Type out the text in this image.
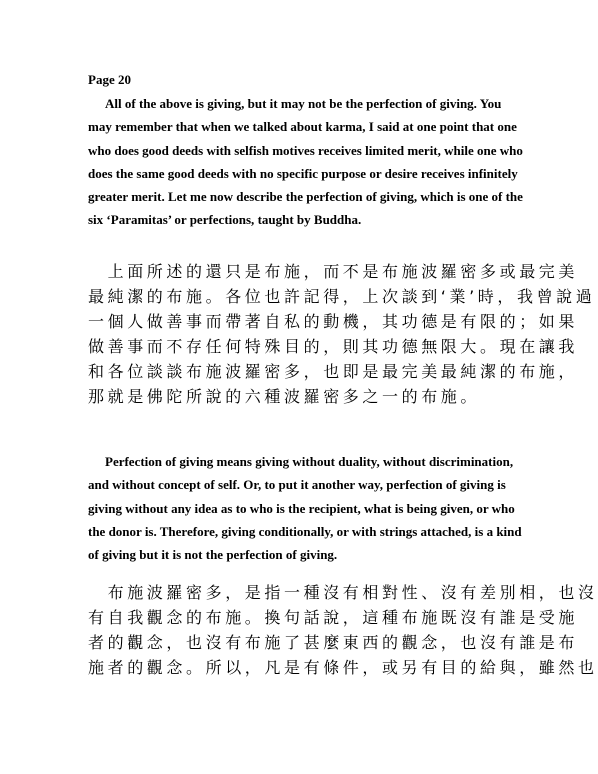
Page 20

All of the above is giving, but it may not be the perfection of giving. You may remember that when we talked about karma, I said at one point that one who does good deeds with selfish motives receives limited merit, while one who does the same good deeds with no specific purpose or desire receives infinitely greater merit. Let me now describe the perfection of giving, which is one of the six ‘Paramitas’ or perfections, taught by Buddha.

　上面所述的還只是布施，而不是布施波羅密多或最完美
最純潔的布施。各位也許記得，上次談到‘業’時，我曾說過
一個人做善事而帶著自私的動機，其功德是有限的；如果
做善事而不存任何特殊目的，則其功德無限大。現在讓我
和各位談談布施波羅密多，也即是最完美最純潔的布施，
那就是佛陀所說的六種波羅密多之一的布施。

Perfection of giving means giving without duality, without discrimination, and without concept of self. Or, to put it another way, perfection of giving is giving without any idea as to who is the recipient, what is being given, or who the donor is. Therefore, giving conditionally, or with strings attached, is a kind of giving but it is not the perfection of giving.

　布施波羅密多，是指一種沒有相對性、沒有差別相，也沒
有自我觀念的布施。換句話說，這種布施既沒有誰是受施
者的觀念，也沒有布施了甚麼東西的觀念，也沒有誰是布
施者的觀念。所以，凡是有條件，或另有目的給與，雖然也
